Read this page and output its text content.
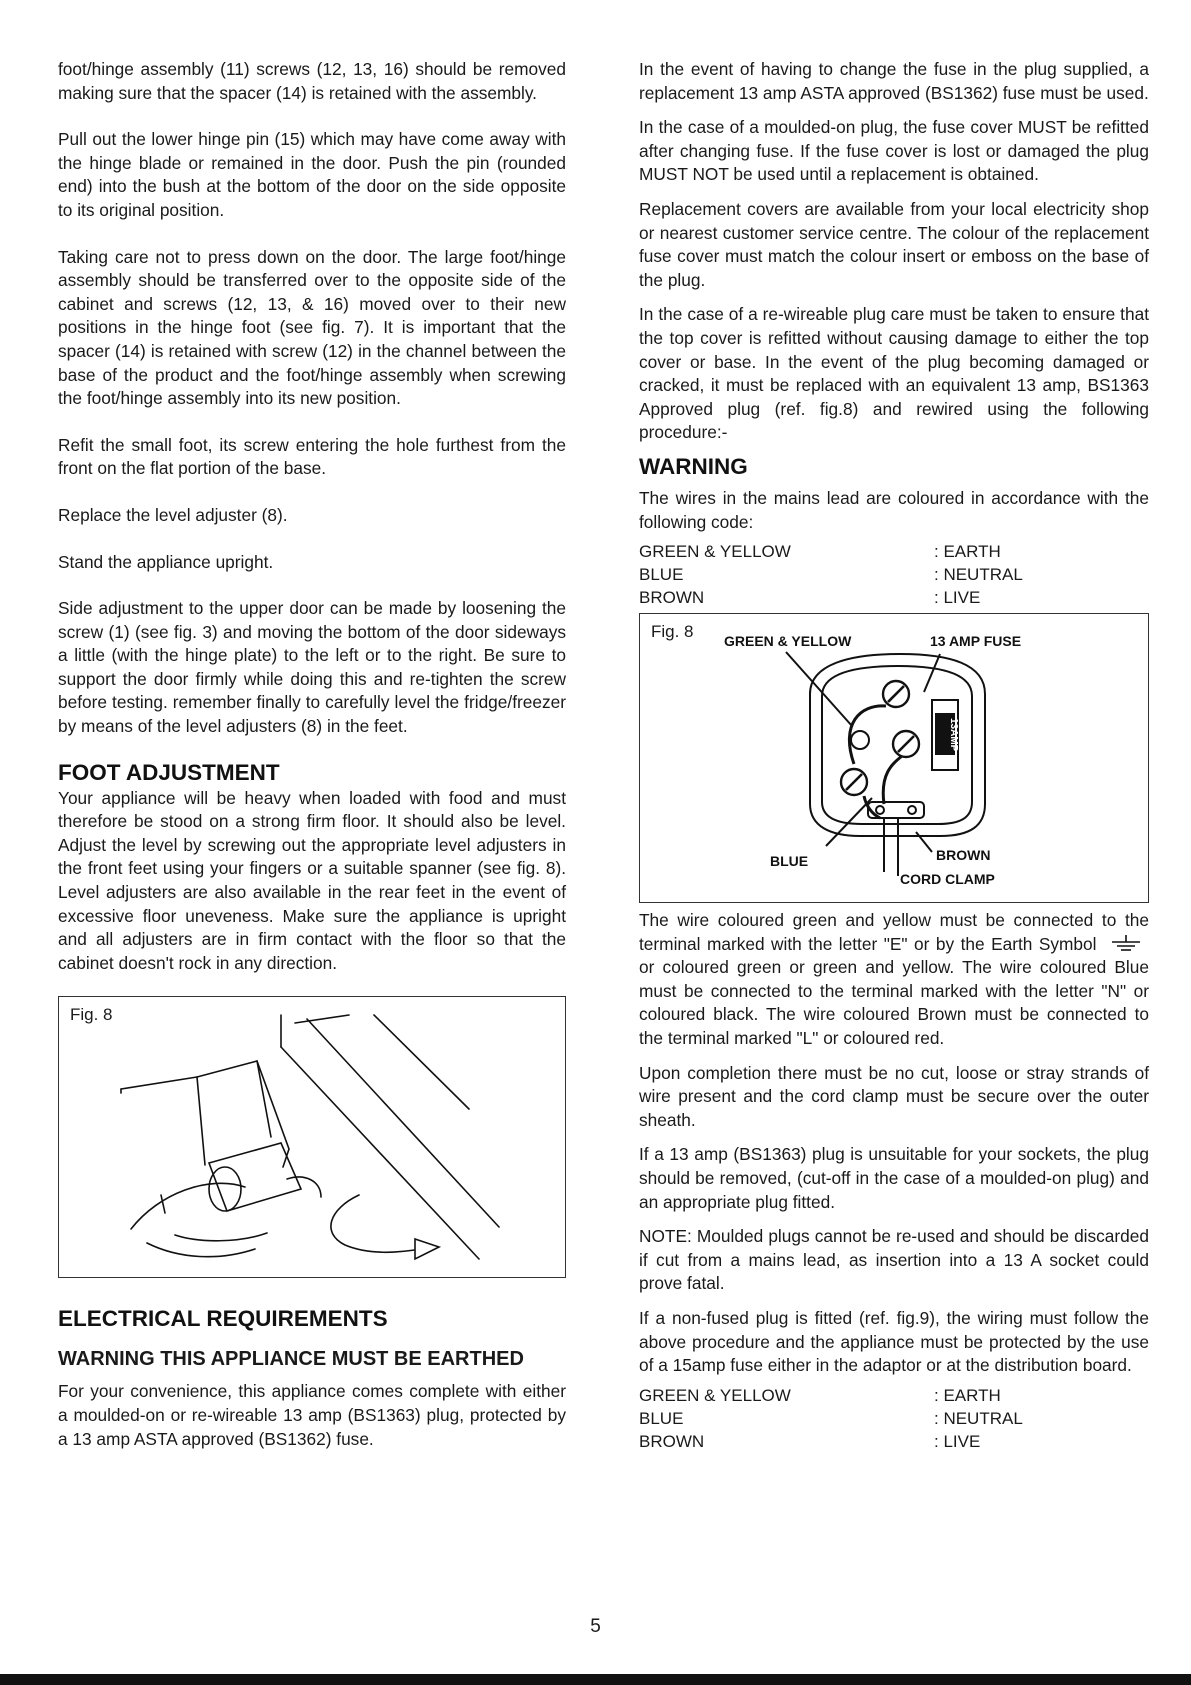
foot/hinge assembly (11) screws (12, 13, 16) should be removed making sure that the spacer (14) is retained with the assembly.

Pull out the lower hinge pin (15) which may have come away with the hinge blade or remained in the door. Push the pin (rounded end) into the bush at the bottom of the door on the side opposite to its original position.

Taking care not to press down on the door. The large foot/hinge assembly should be transferred over to the opposite side of the cabinet and screws (12, 13, & 16) moved over to their new positions in the hinge foot (see fig. 7). It is important that the spacer (14) is retained with screw (12) in the channel between the base of the product and the foot/hinge assembly when screwing the foot/hinge assembly into its new position.

Refit the small foot, its screw entering the hole furthest from the front on the flat portion of the base.

Replace the level adjuster (8).

Stand the appliance upright.

Side adjustment to the upper door can be made by loosening the screw (1) (see fig. 3) and moving the bottom of the door sideways a little (with the hinge plate) to the left or to the right. Be sure to support the door firmly while doing this and re-tighten the screw before testing. remember finally to carefully level the fridge/freezer by means of the level adjusters (8) in the feet.

FOOT ADJUSTMENT

Your appliance will be heavy when loaded with food and must therefore be stood on a strong firm floor. It should also be level. Adjust the level by screwing out the appropriate level adjusters in the front feet using your fingers or a suitable spanner (see fig. 8). Level adjusters are also available in the rear feet in the event of excessive floor uneveness. Make sure the appliance is upright and all adjusters are in firm contact with the floor so that the cabinet doesn't rock in any direction.

Fig. 8
ELECTRICAL REQUIREMENTS
WARNING THIS APPLIANCE MUST BE EARTHED

For your convenience, this appliance comes complete with either a moulded-on or re-wireable 13 amp (BS1363) plug, protected by a 13 amp ASTA approved (BS1362) fuse.

In the event of having to change the fuse in the plug supplied, a replacement 13 amp ASTA approved (BS1362) fuse must be used.

In the case of a moulded-on plug, the fuse cover MUST be refitted after changing fuse. If the fuse cover is lost or damaged the plug MUST NOT be used until a replacement is obtained.

Replacement covers are available from your local electricity shop or nearest customer service centre. The colour of the replacement fuse cover must match the colour insert or emboss on the base of the plug.

In the case of a re-wireable plug care must be taken to ensure that the top cover is refitted without causing damage to either the top cover or base. In the event of the plug becoming damaged or cracked, it must be replaced with an equivalent 13 amp, BS1363 Approved plug (ref. fig.8) and rewired using the following procedure:-

WARNING

The wires in the mains lead are coloured in accordance with the following code:

GREEN & YELLOW	: EARTH
BLUE	: NEUTRAL
BROWN	: LIVE
Fig. 8 GREEN & YELLOW	13 AMP FUSE
BLUE	BROWN
CORD CLAMP
13AMP

The wire coloured green and yellow must be connected to the terminal marked with the letter "E" or by the Earth Symbol  or coloured green or green and yellow. The wire coloured Blue must be connected to the terminal marked with the letter "N" or coloured black. The wire coloured Brown must be connected to the terminal marked "L" or coloured red.

Upon completion there must be no cut, loose or stray strands of wire present and the cord clamp must be secure over the outer sheath.

If a 13 amp (BS1363) plug is unsuitable for your sockets, the plug should be removed, (cut-off in the case of a moulded-on plug) and an appropriate plug fitted.

NOTE: Moulded plugs cannot be re-used and should be discarded if cut from a mains lead, as insertion into a 13 A socket could prove fatal.

If a non-fused plug is fitted (ref. fig.9), the wiring must follow the above procedure and the appliance must be protected by the use of a 15amp fuse either in the adaptor or at the distribution board.

GREEN & YELLOW	: EARTH
BLUE	: NEUTRAL
BROWN	: LIVE
5
